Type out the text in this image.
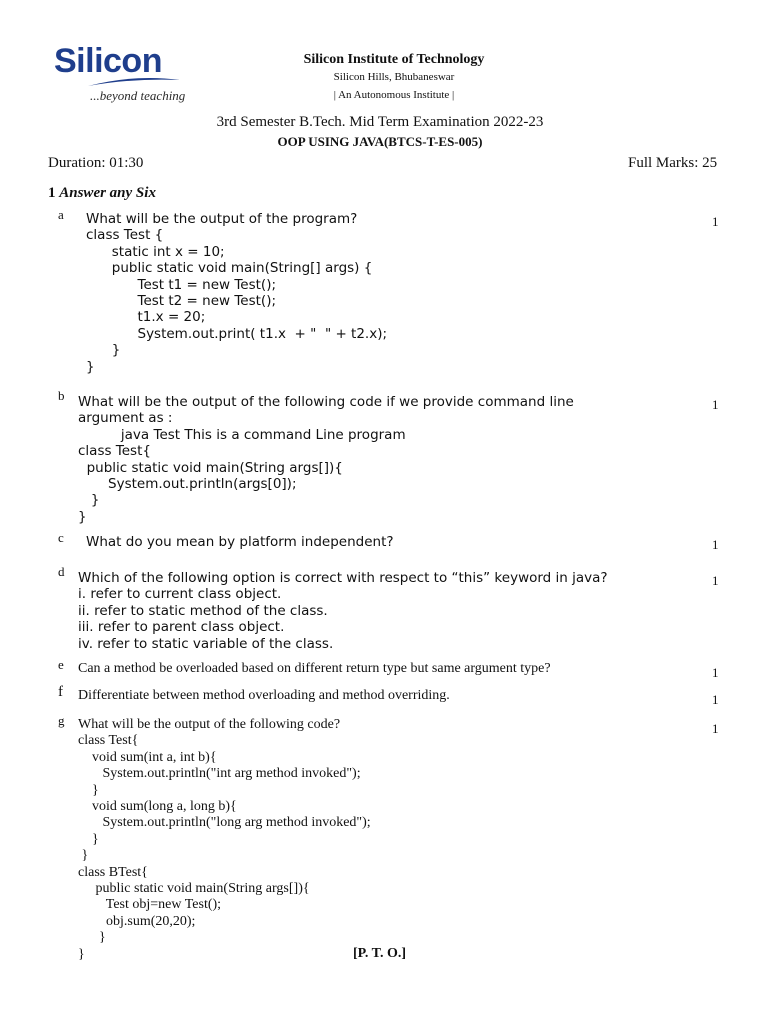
Silicon
...beyond teaching
Silicon Institute of Technology
Silicon Hills, Bhubaneswar
| An Autonomous Institute |
3rd Semester B.Tech. Mid Term Examination 2022-23
OOP USING JAVA(BTCS-T-ES-005)
Duration: 01:30	Full Marks: 25
1 Answer any Six
a	1
What will be the output of the program?
class Test {
static int x = 10;
public static void main(String[] args) {
Test t1 = new Test();
Test t2 = new Test();
t1.x = 20;
System.out.print( t1.x  + "  " + t2.x);
}
}
b
1
What will be the output of the following code if we provide command line
argument as :
java Test This is a command Line program
class Test{
public static void main(String args[]){
System.out.println(args[0]);
}
}
c	1
What do you mean by platform independent?
d
1
Which of the following option is correct with respect to “this” keyword in java?
i. refer to current class object.
ii. refer to static method of the class.
iii. refer to parent class object.
iv. refer to static variable of the class.
e
1
Can a method be overloaded based on different return type but same argument type?
f	1
Differentiate between method overloading and method overriding.
g
1
What will be the output of the following code?
class Test{
void sum(int a, int b){
System.out.println("int arg method invoked");
}
void sum(long a, long b){
System.out.println("long arg method invoked");
}
}
class BTest{
public static void main(String args[]){
Test obj=new Test();
obj.sum(20,20);
}
}	[P. T. O.]
